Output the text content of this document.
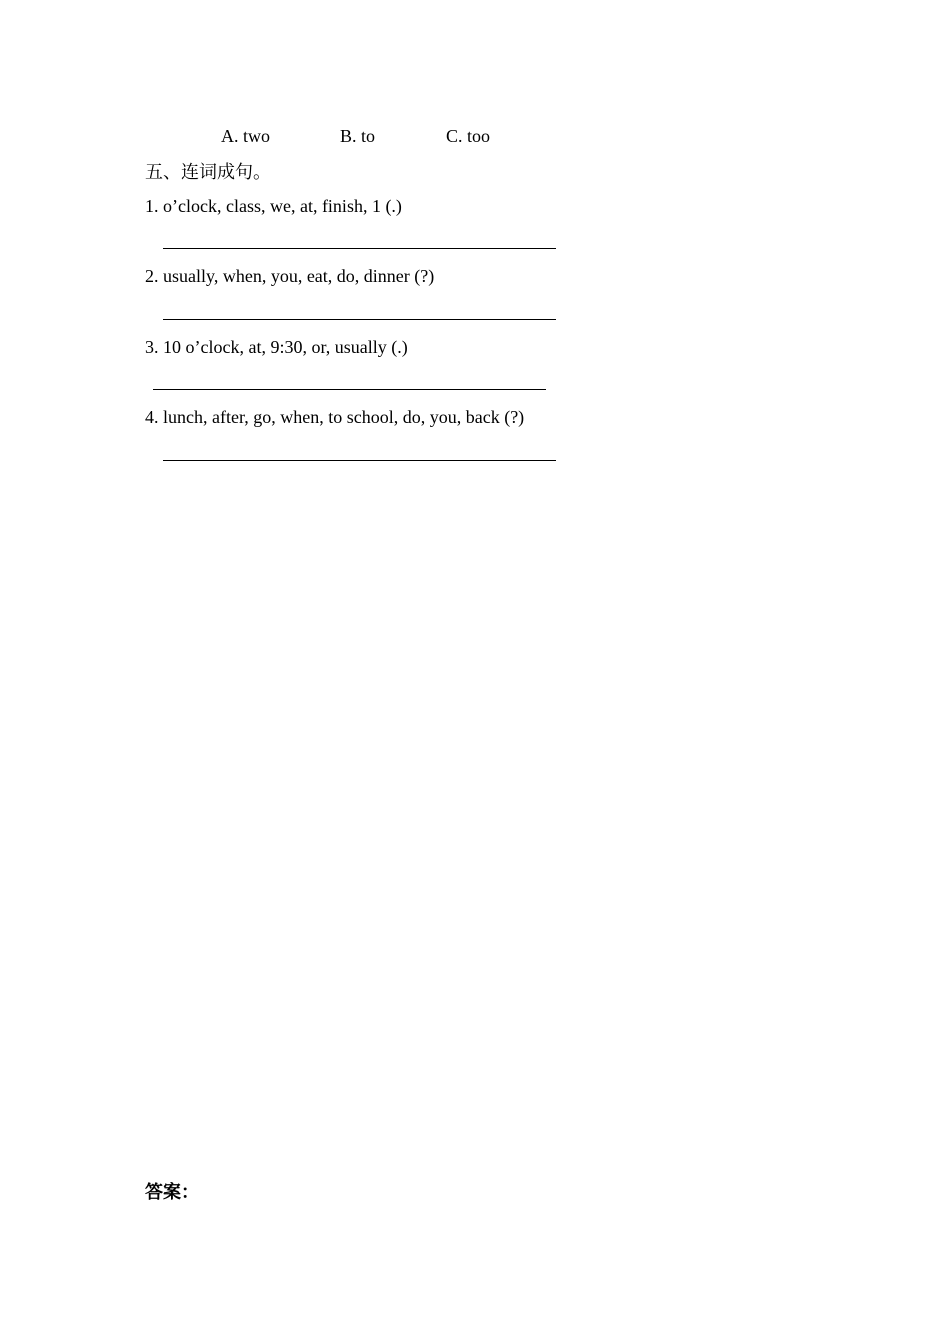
A. two	B. to	C. too
五、连词成句。
1. o’clock, class, we, at, finish, 1 (.)
2. usually, when, you, eat, do, dinner (?)
3. 10 o’clock, at, 9:30, or, usually (.)
4. lunch, after, go, when, to school, do, you, back (?)
答案：
